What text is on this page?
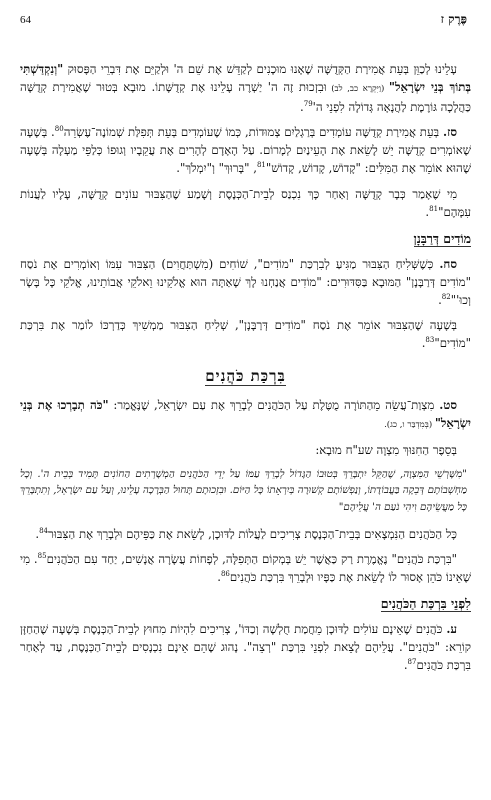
64	פֶּרֶק ז

עָלֵינוּ לְכַוֵּן בְּעֵת אֲמִירַת הַקְּדֻשָּׁה שֶׁאָנוּ מוּכָנִים לְקַדֵּשׁ אֶת שֵׁם ה' וּלְקַיֵּם אֶת דִּבְרֵי הַפָּסוּק "וְנִקְדַּשְׁתִּי בְּתוֹךְ בְּנֵי יִשְׂרָאֵל" (וַיִּקְרָא כב, לב) וּבִזְכוּת זֶה ה' יַשְׁרֶה עָלֵינוּ אֶת קְדֻשָּׁתוֹ. מוּבָא בְּטוּר שֶׁאֲמִירַת קְדֻשָּׁה כַּהֲלָכָה גּוֹרֶמֶת לַהֲנָאָה גְּדוֹלָה לִפְנֵי $ה'^{79}$.

סז. בְּעֵת אֲמִירַת קְדֻשָּׁה עוֹמְדִים בְּרַגְלַיִם צְמוּדוֹת, כְּמוֹ שֶׁעוֹמְדִים בְּעֵת תְּפִלַּת שְׁמוֹנֶה־עֶשְׂרֵה$^{80}$. בְּשָׁעָה שֶׁאוֹמְרִים קְדֻשָּׁה יֵשׁ לָשֵׂאת אֶת הָעֵינַיִם לְמָרוֹם. עַל הָאָדָם לְהָרִים אֶת עֲקֵבָיו וְגוּפוֹ כְּלַפֵּי מַעְלָה בְּשָׁעָה שֶׁהוּא אוֹמֵר אֶת הַמִּלִּים: "קָדוֹשׁ, קָדוֹשׁ, קָדוֹשׁ"$^{81}$, "בָּרוּךְ" וְ"יִמְלֹךְ".

מִי שֶׁאָמַר כְּבָר קְדֻשָּׁה וְאַחַר כָּךְ נִכְנַס לְבֵית־הַכְּנֶסֶת וְשָׁמַע שֶׁהַצִּבּוּר עוֹנִים קְדֻשָּׁה, עָלָיו לַעֲנוֹת עִמָּהֶם"$^{81}$.

מוֹדִים דְּרַבָּנָן

סח. כְּשֶׁשְּׁלִיחַ הַצִּבּוּר מַגִּיעַ לְבִרְכַּת "מוֹדִים", שׁוֹחִים (מִשְׁתַּחֲוִים) הַצִּבּוּר עִמּוֹ וְאוֹמְרִים אֶת נֹסַח "מוֹדִים דְּרַבָּנָן" הַמּוּבָא בַּסִּדּוּרִים: "מוֹדִים אֲנַחְנוּ לָךְ שָׁאַתָּה הוּא אֱלֹקֵינוּ וֵאלֹקֵי אֲבוֹתֵינוּ, אֱלֹקֵי כָּל בָּשָׂר וְכוּ'"$^{82}$.

בְּשָׁעָה שֶׁהַצִּבּוּר אוֹמֵר אֶת נֹסַח "מוֹדִים דְּרַבָּנָן", שְׁלִיחַ הַצִּבּוּר מַמְשִׁיךְ כְּדַרְכּוֹ לוֹמַר אֶת בִּרְכַּת "מוֹדִים"$^{83}$.

בִּרְכַּת כֹּהֲנִים

סט. מִצְוַת־עֲשֵׂה מֵהַתּוֹרָה מֻטֶּלֶת עַל הַכֹּהֲנִים לְבָרֵךְ אֶת עַם יִשְׂרָאֵל, שֶׁנֶּאֱמַר: "כֹּה תְבָרְכוּ אֶת בְּנֵי יִשְׂרָאֵל" (בְּמִדְבַּר ו, כג).

בְּסֵפֶר הַחִנּוּךְ מִצְוָה שע"ח מוּבָא:

"מִשָּׁרְשֵׁי הַמִּצְוָה, שֶׁהַקֵּל יִתְבָּרֵךְ בְּטוּבוֹ הַגָּדוֹל לְבָרֵךְ עַמּוֹ עַל יְדֵי הַכֹּהֲנִים הַמְשָׁרְתִים הַחוֹנִים תָּמִיד בְּבֵית ה'. וְכָל מַחְשְׁבוֹתָם דְּבֵקָה בַּעֲבוֹדָתוֹ, וְנַפְשׁוֹתָם קְשׁוּרָה בְּיִרְאָתוֹ כָּל הַיּוֹם. וּבִזְכוּתָם תָּחוּל הַבְּרָכָה עָלֵינוּ, וְעַל עַם יִשְׂרָאֵל, וְתִתְבָּרֵךְ כָּל מַעֲשֵׂיהֶם וִיהִי נֹעַם ה' עֲלֵיהֶם"

כָּל הַכֹּהֲנִים הַנִּמְצָאִים בְּבֵית־הַכְּנֶסֶת צְרִיכִים לַעֲלוֹת לַדּוּכָן, לָשֵׂאת אֶת כַּפֵּיהֶם וּלְבָרֵךְ אֶת הַצִּבּוּר$^{84}$.

"בִּרְכַּת כֹּהֲנִים" נֶאֱמֶרֶת רַק כַּאֲשֶׁר יֵשׁ בְּמְקוֹם הַתְּפִלָּה, לְפָחוֹת עֲשָׂרָה אֲנָשִׁים, יַחַד עִם הַכֹּהֲנִים$^{85}$. מִי שֶׁאֵינוֹ כֹּהֵן אָסוּר לוֹ לָשֵׂאת אֶת כַּפָּיו וּלְבָרֵךְ בִּרְכַּת כֹּהֲנִים$^{86}$.

לִפְנֵי בִּרְכַּת הַכֹּהֲנִים

ע. כֹּהֲנִים שֶׁאֵינָם עוֹלִים לַדּוּכָן מֵחֲמַת חֻלְשָׁה וְכַדּוֹ', צְרִיכִים לִהְיוֹת מִחוּץ לְבֵית־הַכְּנֶסֶת בְּשָׁעָה שֶׁהַחַזָּן קוֹרֵא: "כֹּהֲנִים". עֲלֵיהֶם לָצֵאת לִפְנֵי בִּרְכַּת "רְצֵה". נָהוּג שֶׁהֵם אֵינָם נִכְנָסִים לְבֵית־הַכְּנֶסֶת, עַד לְאַחַר בִּרְכַּת כֹּהֲנִים$^{87}$.
